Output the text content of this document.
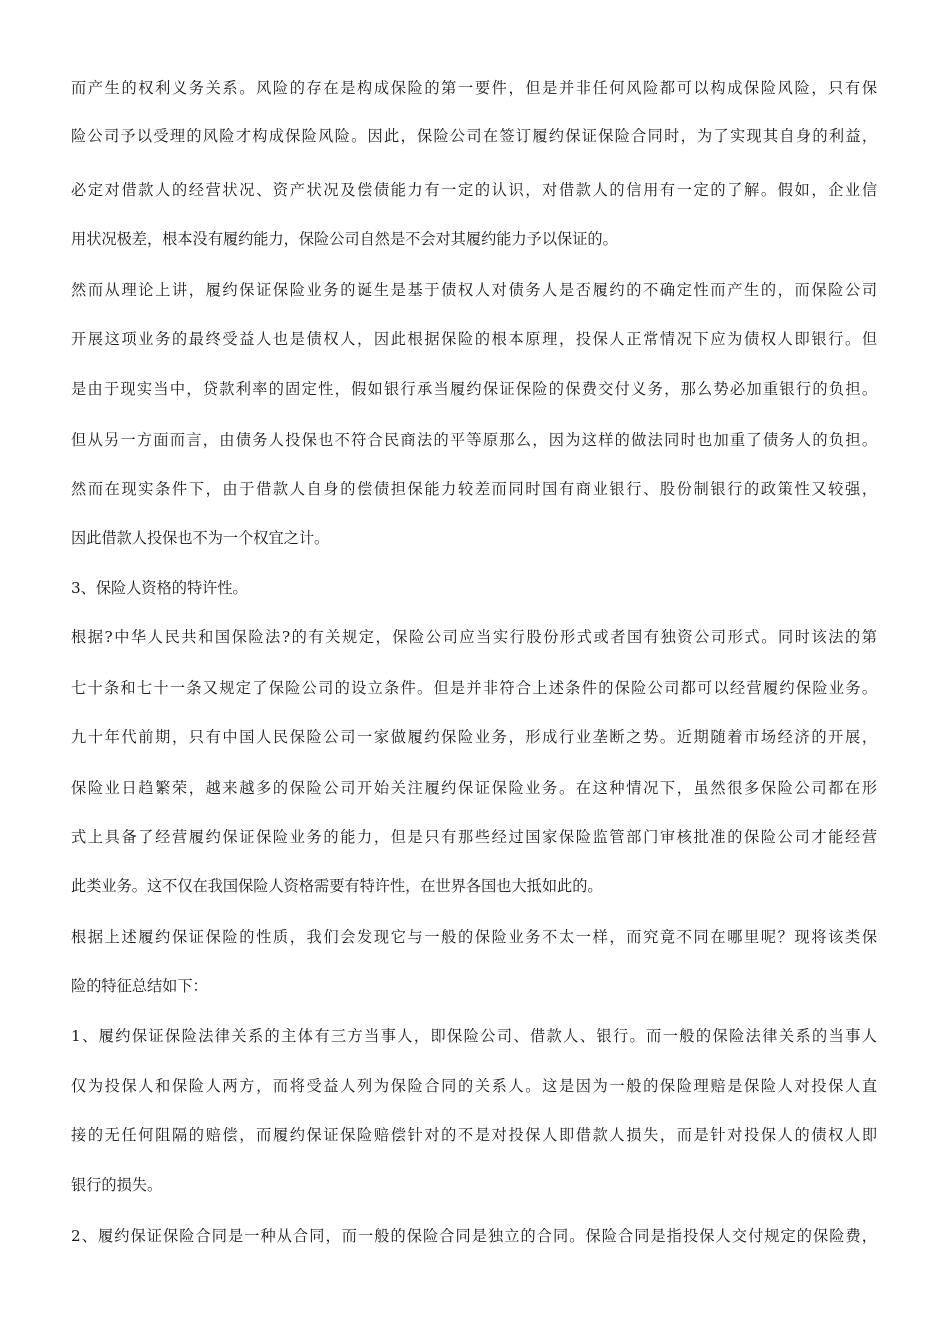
而产生的权利义务关系。风险的存在是构成保险的第一要件，但是并非任何风险都可以构成保险风险，只有保
险公司予以受理的风险才构成保险风险。因此，保险公司在签订履约保证保险合同时，为了实现其自身的利益，
必定对借款人的经营状况、资产状况及偿债能力有一定的认识，对借款人的信用有一定的了解。假如，企业信
用状况极差，根本没有履约能力，保险公司自然是不会对其履约能力予以保证的。
然而从理论上讲，履约保证保险业务的诞生是基于债权人对债务人是否履约的不确定性而产生的，而保险公司
开展这项业务的最终受益人也是债权人，因此根据保险的根本原理，投保人正常情况下应为债权人即银行。但
是由于现实当中，贷款利率的固定性，假如银行承当履约保证保险的保费交付义务，那么势必加重银行的负担。
但从另一方面而言，由债务人投保也不符合民商法的平等原那么，因为这样的做法同时也加重了债务人的负担。
然而在现实条件下，由于借款人自身的偿债担保能力较差而同时国有商业银行、股份制银行的政策性又较强，
因此借款人投保也不为一个权宜之计。
3、保险人资格的特许性。
根据?中华人民共和国保险法?的有关规定，保险公司应当实行股份形式或者国有独资公司形式。同时该法的第
七十条和七十一条又规定了保险公司的设立条件。但是并非符合上述条件的保险公司都可以经营履约保险业务。
九十年代前期，只有中国人民保险公司一家做履约保险业务，形成行业垄断之势。近期随着市场经济的开展，
保险业日趋繁荣，越来越多的保险公司开始关注履约保证保险业务。在这种情况下，虽然很多保险公司都在形
式上具备了经营履约保证保险业务的能力，但是只有那些经过国家保险监管部门审核批准的保险公司才能经营
此类业务。这不仅在我国保险人资格需要有特许性，在世界各国也大抵如此的。
根据上述履约保证保险的性质，我们会发现它与一般的保险业务不太一样，而究竟不同在哪里呢？现将该类保
险的特征总结如下：
1、履约保证保险法律关系的主体有三方当事人，即保险公司、借款人、银行。而一般的保险法律关系的当事人
仅为投保人和保险人两方，而将受益人列为保险合同的关系人。这是因为一般的保险理赔是保险人对投保人直
接的无任何阻隔的赔偿，而履约保证保险赔偿针对的不是对投保人即借款人损失，而是针对投保人的债权人即
银行的损失。
2、履约保证保险合同是一种从合同，而一般的保险合同是独立的合同。保险合同是指投保人交付规定的保险费，
